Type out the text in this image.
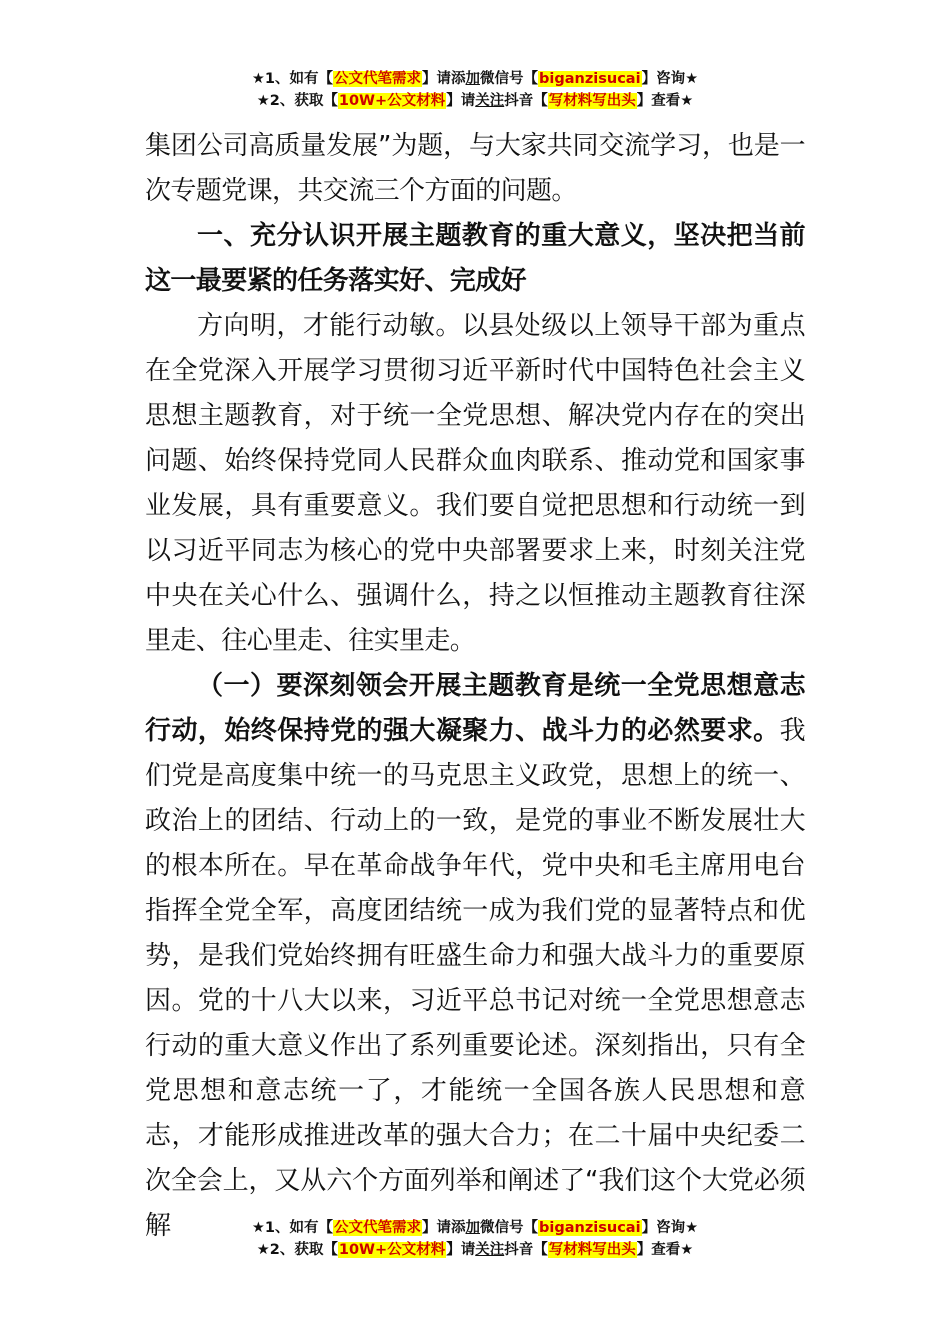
★1、如有【公文代笔需求】请添加微信号【biganzisucai】咨询★
★2、获取【10W+公文材料】请关注抖音【写材料写出头】查看★

集团公司高质量发展”为题，与大家共同交流学习，也是一次专题党课，共交流三个方面的问题。

一、充分认识开展主题教育的重大意义，坚决把当前这一最要紧的任务落实好、完成好

方向明，才能行动敏。以县处级以上领导干部为重点在全党深入开展学习贯彻习近平新时代中国特色社会主义思想主题教育，对于统一全党思想、解决党内存在的突出问题、始终保持党同人民群众血肉联系、推动党和国家事业发展，具有重要意义。我们要自觉把思想和行动统一到以习近平同志为核心的党中央部署要求上来，时刻关注党中央在关心什么、强调什么，持之以恒推动主题教育往深里走、往心里走、往实里走。

（一）要深刻领会开展主题教育是统一全党思想意志行动，始终保持党的强大凝聚力、战斗力的必然要求。我们党是高度集中统一的马克思主义政党，思想上的统一、政治上的团结、行动上的一致，是党的事业不断发展壮大的根本所在。早在革命战争年代，党中央和毛主席用电台指挥全党全军，高度团结统一成为我们党的显著特点和优势，是我们党始终拥有旺盛生命力和强大战斗力的重要原因。党的十八大以来，习近平总书记对统一全党思想意志行动的重大意义作出了系列重要论述。深刻指出，只有全党思想和意志统一了，才能统一全国各族人民思想和意志，才能形成推进改革的强大合力；在二十届中央纪委二次全会上，又从六个方面列举和阐述了“我们这个大党必须解	★1、如有【公文代笔需求】请添加微信号【biganzisucai】咨询★
★2、获取【10W+公文材料】请关注抖音【写材料写出头】查看★
